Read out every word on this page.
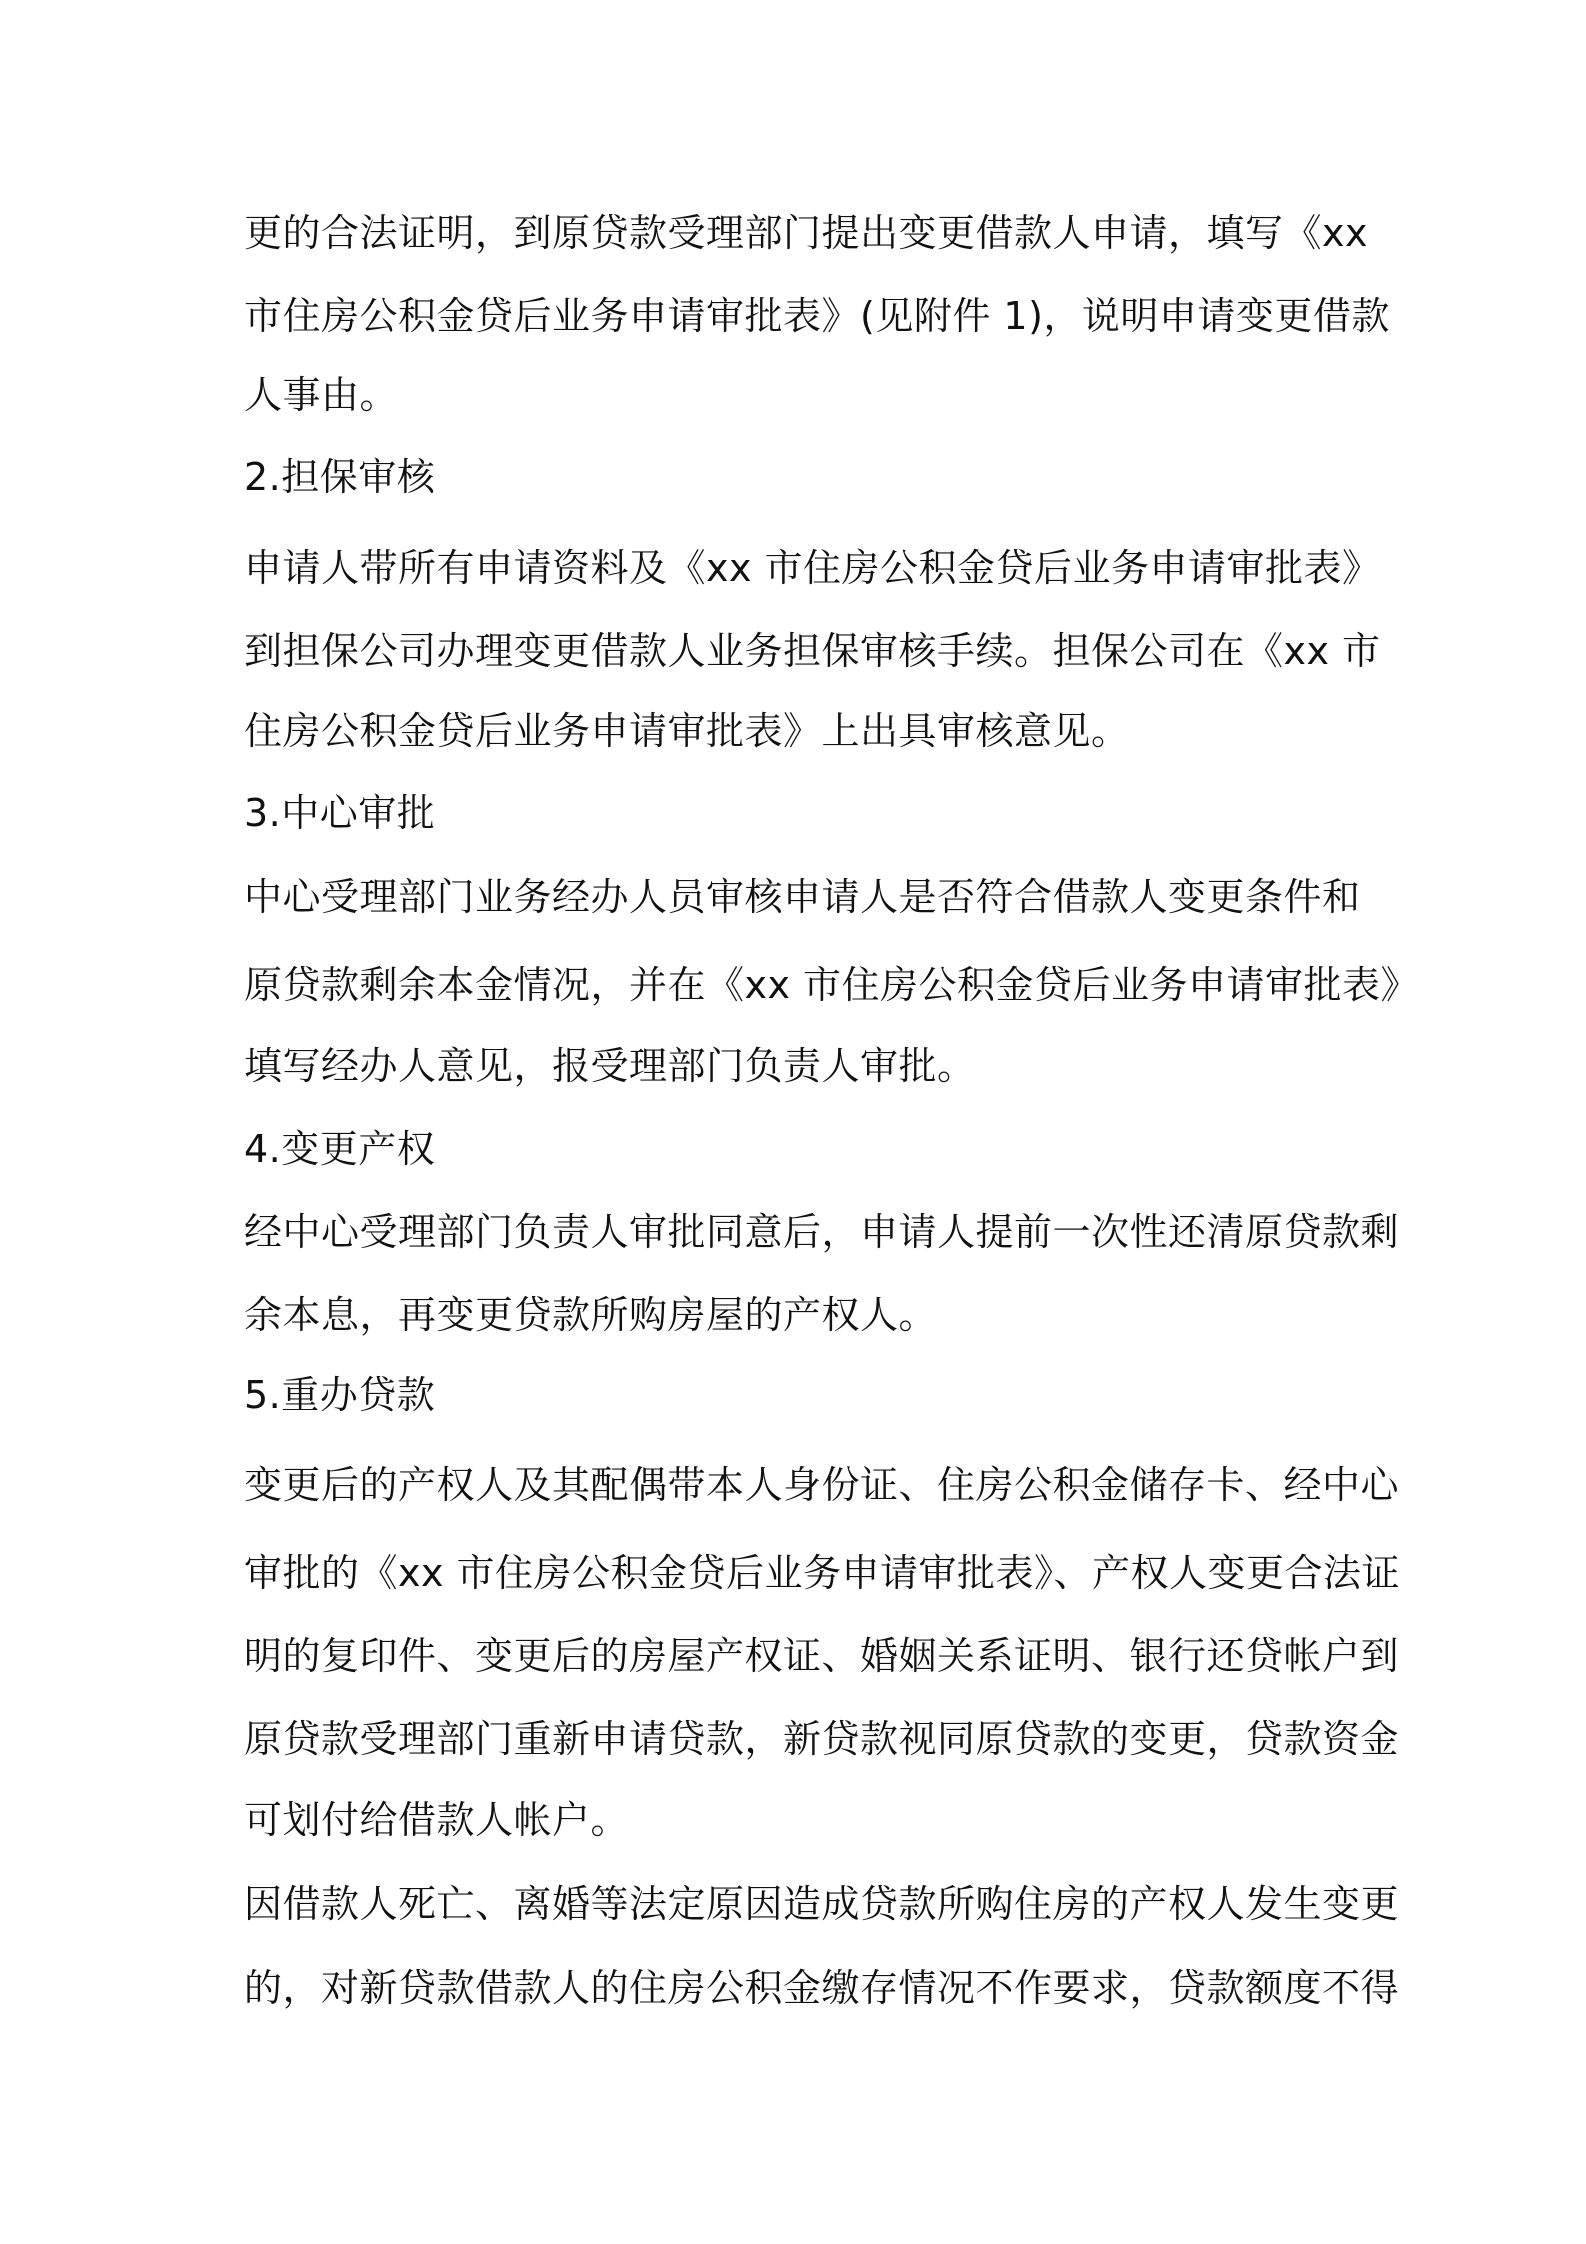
更的合法证明，到原贷款受理部门提出变更借款人申请，填写《xx
市住房公积金贷后业务申请审批表》(见附件 1)，说明申请变更借款
人事由。
2.担保审核
申请人带所有申请资料及《xx 市住房公积金贷后业务申请审批表》
到担保公司办理变更借款人业务担保审核手续。担保公司在《xx 市
住房公积金贷后业务申请审批表》上出具审核意见。
3.中心审批
中心受理部门业务经办人员审核申请人是否符合借款人变更条件和
原贷款剩余本金情况，并在《xx 市住房公积金贷后业务申请审批表》
填写经办人意见，报受理部门负责人审批。
4.变更产权
经中心受理部门负责人审批同意后，申请人提前一次性还清原贷款剩
余本息，再变更贷款所购房屋的产权人。
5.重办贷款
变更后的产权人及其配偶带本人身份证、住房公积金储存卡、经中心
审批的《xx 市住房公积金贷后业务申请审批表》、产权人变更合法证
明的复印件、变更后的房屋产权证、婚姻关系证明、银行还贷帐户到
原贷款受理部门重新申请贷款，新贷款视同原贷款的变更，贷款资金
可划付给借款人帐户。
因借款人死亡、离婚等法定原因造成贷款所购住房的产权人发生变更
的，对新贷款借款人的住房公积金缴存情况不作要求，贷款额度不得
